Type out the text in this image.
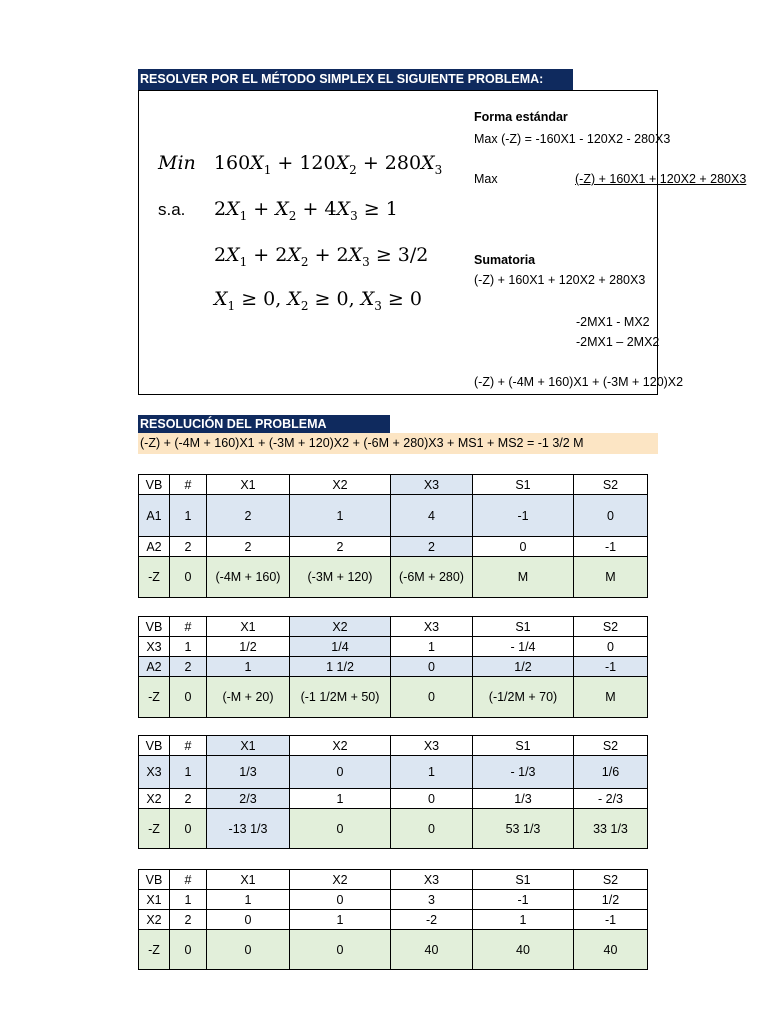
RESOLVER POR EL MÉTODO SIMPLEX EL SIGUIENTE PROBLEMA:
Min $160X_1 + 120X_2 + 280X_3$
s.a. $2X_1 + X_2 + 4X_3 \ge 1$
$2X_1 + 2X_2 + 2X_3 \ge 3/2$
$X_1 \ge 0$, $X_2 \ge 0$, $X_3 \ge 0$
Forma estándar
Max (-Z) = -160X1 - 120X2 - 280X3
Max	(-Z) + 160X1 + 120X2 + 280X3
Sumatoria
(-Z) + 160X1 + 120X2 + 280X3
-2MX1 - MX2
-2MX1 – 2MX2
(-Z) + (-4M + 160)X1 + (-3M + 120)X2
RESOLUCIÓN DEL PROBLEMA
(-Z) + (-4M + 160)X1 + (-3M + 120)X2 + (-6M + 280)X3 + MS1 + MS2 = -1 3/2 M
VB	#	X1	X2	X3	S1	S2
A1	1	2	1	4	-1	0
A2	2	2	2	2	0	-1
-Z	0	(-4M + 160)	(-3M + 120)	(-6M + 280)	M	M
VB	#	X1	X2	X3	S1	S2
X3	1	1/2	1/4	1	- 1/4	0
A2	2	1	1 1/2	0	1/2	-1
-Z	0	(-M + 20)	(-1 1/2M + 50)	0	(-1/2M + 70)	M
VB	#	X1	X2	X3	S1	S2
X3	1	1/3	0	1	- 1/3	1/6
X2	2	2/3	1	0	1/3	- 2/3
-Z	0	-13 1/3	0	0	53 1/3	33 1/3
VB	#	X1	X2	X3	S1	S2
X1	1	1	0	3	-1	1/2
X2	2	0	1	-2	1	-1
-Z	0	0	0	40	40	40
